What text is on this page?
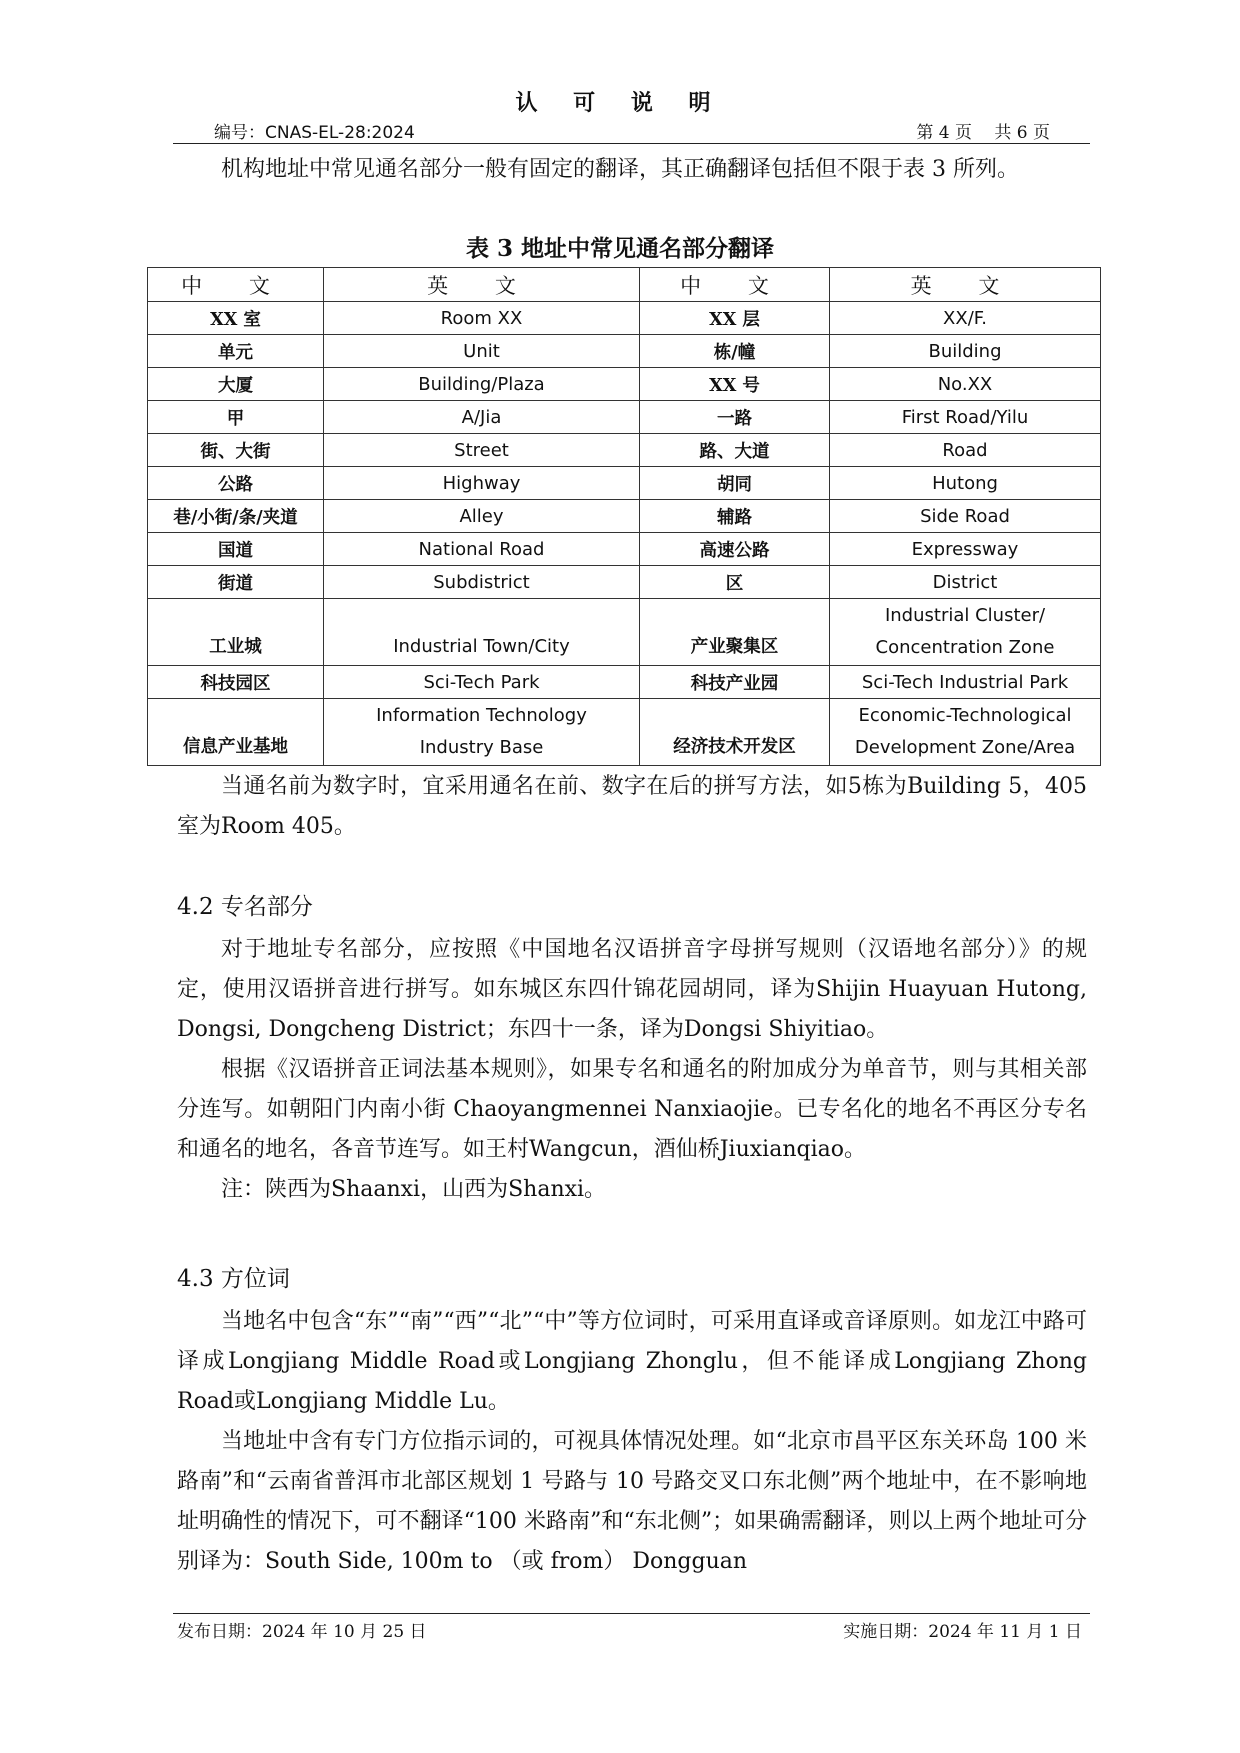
认 可 说 明
编号：CNAS-EL-28:2024	第 4 页　 共 6 页

机构地址中常见通名部分一般有固定的翻译，其正确翻译包括但不限于表 3 所列。

表 3 地址中常见通名部分翻译
中 文	英 文	中 文	英 文
XX 室	Room XX	XX 层	XX/F.
单元	Unit	栋/幢	Building
大厦	Building/Plaza	XX 号	No.XX
甲	A/Jia	一路	First Road/Yilu
街、大街	Street	路、大道	Road
公路	Highway	胡同	Hutong
巷/小街/条/夹道	Alley	辅路	Side Road
国道	National Road	高速公路	Expressway
街道	Subdistrict	区	District
工业城	Industrial Town/City	产业聚集区	Industrial Cluster/ Concentration Zone
科技园区	Sci-Tech Park	科技产业园	Sci-Tech Industrial Park
信息产业基地	Information Technology Industry Base	经济技术开发区	Economic-Technological Development Zone/Area

当通名前为数字时，宜采用通名在前、数字在后的拼写方法，如5栋为Building 5，405室为Room 405。

4.2 专名部分

对于地址专名部分，应按照《中国地名汉语拼音字母拼写规则（汉语地名部分）》的规定，使用汉语拼音进行拼写。如东城区东四什锦花园胡同，译为Shijin Huayuan Hutong, Dongsi, Dongcheng District；东四十一条，译为Dongsi Shiyitiao。

根据《汉语拼音正词法基本规则》，如果专名和通名的附加成分为单音节，则与其相关部分连写。如朝阳门内南小街 Chaoyangmennei Nanxiaojie。已专名化的地名不再区分专名和通名的地名，各音节连写。如王村Wangcun，酒仙桥Jiuxianqiao。

注：陕西为Shaanxi，山西为Shanxi。

4.3 方位词

当地名中包含“东”“南”“西”“北”“中”等方位词时，可采用直译或音译原则。如龙江中路可译成Longjiang Middle Road或Longjiang Zhonglu，但不能译成Longjiang Zhong Road或Longjiang Middle Lu。

当地址中含有专门方位指示词的，可视具体情况处理。如“北京市昌平区东关环岛 100 米路南”和“云南省普洱市北部区规划 1 号路与 10 号路交叉口东北侧”两个地址中，在不影响地址明确性的情况下，可不翻译“100 米路南”和“东北侧”；如果确需翻译，则以上两个地址可分别译为：South Side, 100m to （或 from） Dongguan

发布日期：2024 年 10 月 25 日	实施日期：2024 年 11 月 1 日
